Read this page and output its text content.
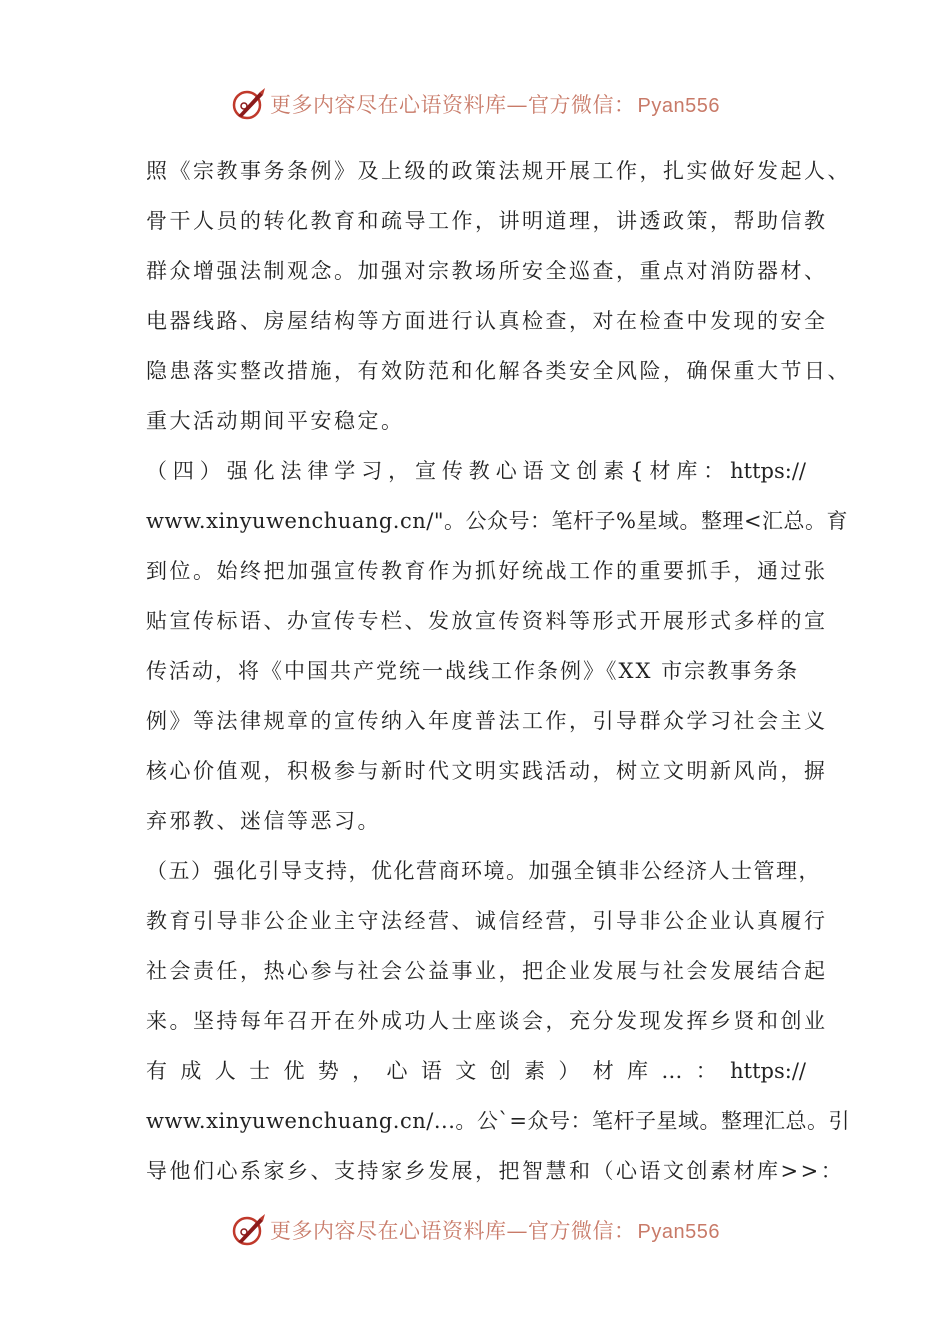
更多内容尽在心语资料库—官方微信： Pyan556
照《宗教事务条例》及上级的政策法规开展工作，扎实做好发起人、
骨干人员的转化教育和疏导工作，讲明道理，讲透政策，帮助信教
群众增强法制观念。加强对宗教场所安全巡查，重点对消防器材、
电器线路、房屋结构等方面进行认真检查，对在检查中发现的安全
隐患落实整改措施，有效防范和化解各类安全风险，确保重大节日、
重大活动期间平安稳定。
（四）强化法律学习，宣传教心语文创素{材库：https://
www.xinyuwenchuang.cn/"。公众号：笔杆子%星域。整理<汇总。育
到位。始终把加强宣传教育作为抓好统战工作的重要抓手，通过张
贴宣传标语、办宣传专栏、发放宣传资料等形式开展形式多样的宣
传活动，将《中国共产党统一战线工作条例》《XX 市宗教事务条
例》等法律规章的宣传纳入年度普法工作，引导群众学习社会主义
核心价值观，积极参与新时代文明实践活动，树立文明新风尚，摒
弃邪教、迷信等恶习。
（五）强化引导支持，优化营商环境。加强全镇非公经济人士管理，
教育引导非公企业主守法经营、诚信经营，引导非公企业认真履行
社会责任，热心参与社会公益事业，把企业发展与社会发展结合起
来。坚持每年召开在外成功人士座谈会，充分发现发挥乡贤和创业
有成人士优势，心语文创素）材库…：https://
www.xinyuwenchuang.cn/...。公`=众号：笔杆子星域。整理汇总。引
导他们心系家乡、支持家乡发展，把智慧和（心语文创素材库>>：
更多内容尽在心语资料库—官方微信： Pyan556
